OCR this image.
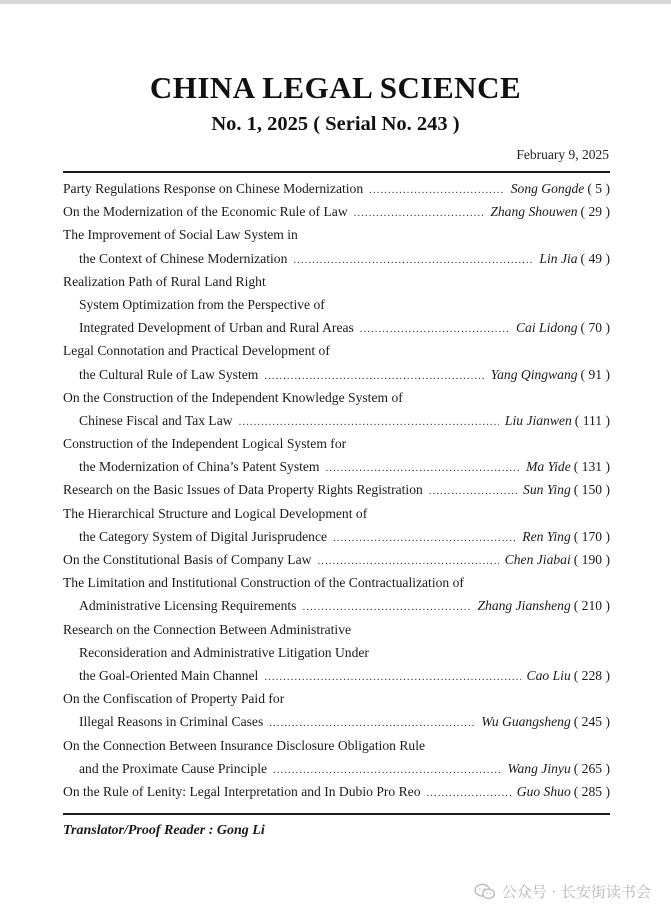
CHINA LEGAL SCIENCE
No. 1, 2025 ( Serial No. 243 )
February 9, 2025
Party Regulations Response on Chinese Modernization .....	Song Gongde ( 5 )
On the Modernization of the Economic Rule of Law .....	Zhang Shouwen ( 29 )
The Improvement of Social Law System in
the Context of Chinese Modernization .....	Lin Jia ( 49 )
Realization Path of Rural Land Right
System Optimization from the Perspective of
Integrated Development of Urban and Rural Areas .....	Cai Lidong ( 70 )
Legal Connotation and Practical Development of
the Cultural Rule of Law System .....	Yang Qingwang ( 91 )
On the Construction of the Independent Knowledge System of
Chinese Fiscal and Tax Law .....	Liu Jianwen ( 111 )
Construction of the Independent Logical System for
the Modernization of China’s Patent System .....	Ma Yide ( 131 )
Research on the Basic Issues of Data Property Rights Registration .....	Sun Ying ( 150 )
The Hierarchical Structure and Logical Development of
the Category System of Digital Jurisprudence .....	Ren Ying ( 170 )
On the Constitutional Basis of Company Law .....	Chen Jiabai ( 190 )
The Limitation and Institutional Construction of the Contractualization of
Administrative Licensing Requirements .....	Zhang Jiansheng ( 210 )
Research on the Connection Between Administrative
Reconsideration and Administrative Litigation Under
the Goal-Oriented Main Channel .....	Cao Liu ( 228 )
On the Confiscation of Property Paid for
Illegal Reasons in Criminal Cases .....	Wu Guangsheng ( 245 )
On the Connection Between Insurance Disclosure Obligation Rule
and the Proximate Cause Principle .....	Wang Jinyu ( 265 )
On the Rule of Lenity: Legal Interpretation and In Dubio Pro Reo .....	Guo Shuo ( 285 )
Translator/Proof Reader : Gong Li
公众号 · 长安街读书会
